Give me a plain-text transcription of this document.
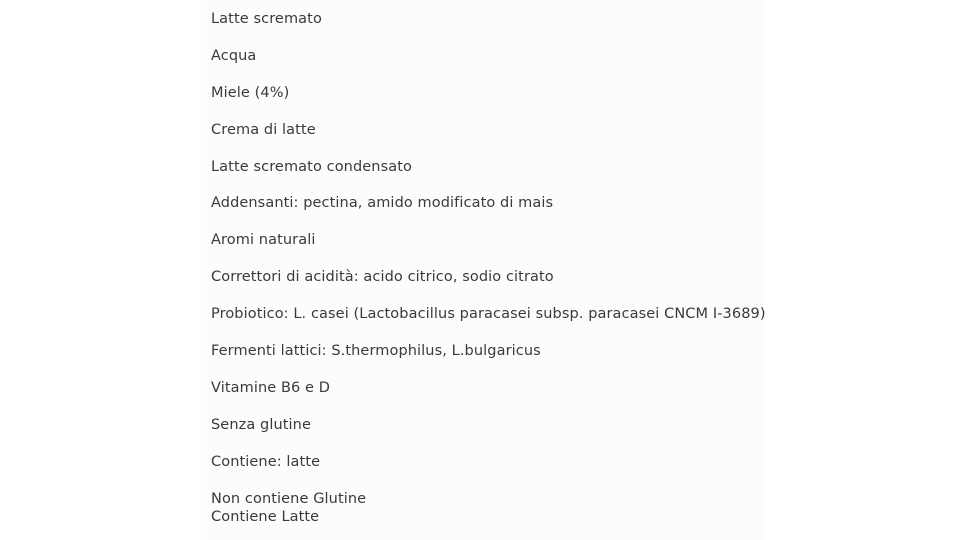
Latte scremato
Acqua
Miele (4%)
Crema di latte
Latte scremato condensato
Addensanti: pectina, amido modificato di mais
Aromi naturali
Correttori di acidità: acido citrico, sodio citrato
Probiotico: L. casei (Lactobacillus paracasei subsp. paracasei CNCM I-3689)
Fermenti lattici: S.thermophilus, L.bulgaricus
Vitamine B6 e D
Senza glutine
Contiene: latte
Non contiene Glutine
Contiene Latte
